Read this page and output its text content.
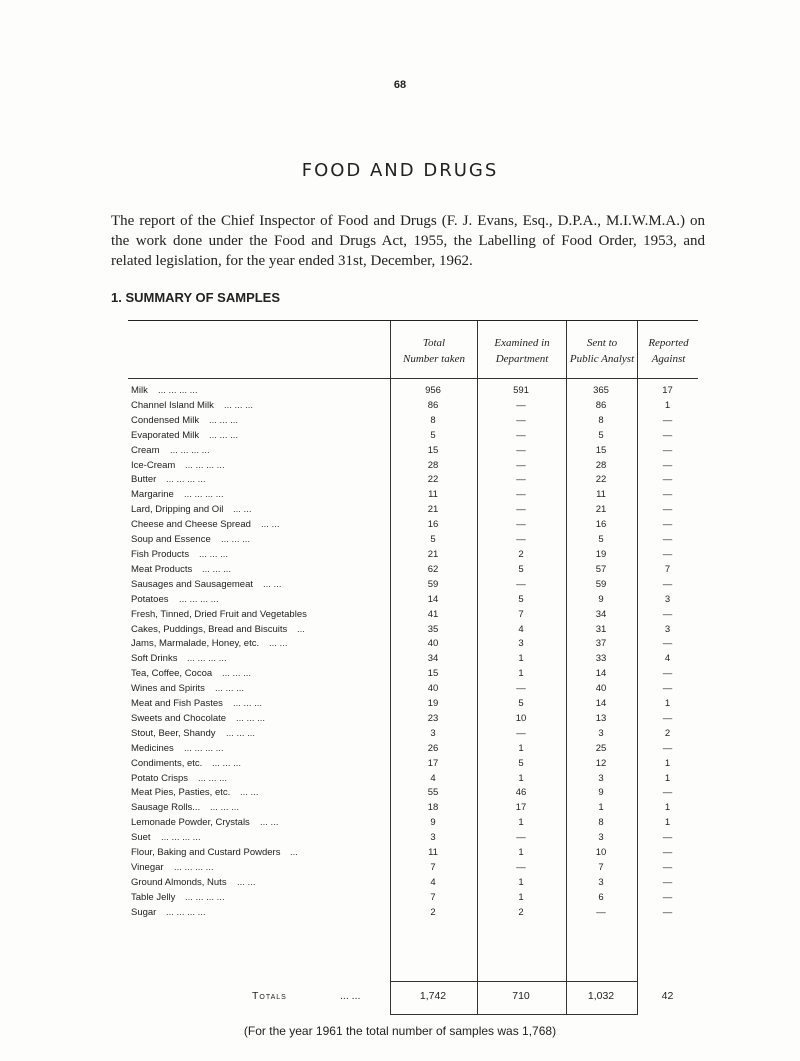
68
FOOD AND DRUGS
The report of the Chief Inspector of Food and Drugs (F. J. Evans, Esq., D.P.A., M.I.W.M.A.) on the work done under the Food and Drugs Act, 1955, the Labelling of Food Order, 1953, and related legislation, for the year ended 31st, December, 1962.
1. SUMMARY OF SAMPLES
Total
Number taken
Examined in
Department
Sent to
Public Analyst
Reported
Against
Milk	956	591	365	17
... ... ... ...
Channel Island Milk	86	—	86	1
... ... ...
Condensed Milk	8	—	8	—
... ... ...
Evaporated Milk	5	—	5	—
... ... ...
Cream	15	—	15	—
... ... ... ...
Ice-Cream	28	—	28	—
... ... ... ...
Butter	22	—	22	—
... ... ... ...
Margarine	11	—	11	—
... ... ... ...
Lard, Dripping and Oil	21	—	21	—
... ...
Cheese and Cheese Spread	16	—	16	—
... ...
Soup and Essence	5	—	5	—
... ... ...
Fish Products	21	2	19	—
... ... ...
Meat Products	62	5	57	7
... ... ...
Sausages and Sausagemeat	59	—	59	—
... ...
Potatoes	14	5	9	3
... ... ... ...
Fresh, Tinned, Dried Fruit and Vegetables	41	7	34	—
Cakes, Puddings, Bread and Biscuits	35	4	31	3
...
Jams, Marmalade, Honey, etc.	40	3	37	—
... ...
Soft Drinks	34	1	33	4
... ... ... ...
Tea, Coffee, Cocoa	15	1	14	—
... ... ...
Wines and Spirits	40	—	40	—
... ... ...
Meat and Fish Pastes	19	5	14	1
... ... ...
Sweets and Chocolate	23	10	13	—
... ... ...
Stout, Beer, Shandy	3	—	3	2
... ... ...
Medicines	26	1	25	—
... ... ... ...
Condiments, etc.	17	5	12	1
... ... ...
Potato Crisps	4	1	3	1
... ... ...
Meat Pies, Pasties, etc.	55	46	9	—
... ...
Sausage Rolls...	18	17	1	1
... ... ...
Lemonade Powder, Crystals	9	1	8	1
... ...
Suet	3	—	3	—
... ... ... ...
Flour, Baking and Custard Powders	11	1	10	—
...
Vinegar	7	—	7	—
... ... ... ...
Ground Almonds, Nuts	4	1	3	—
... ...
Table Jelly	7	1	6	—
... ... ... ...
Sugar	2	2	—	—
... ... ... ...
Totals	... ...	1,742	710	1,032	42
(For the year 1961 the total number of samples was 1,768)
